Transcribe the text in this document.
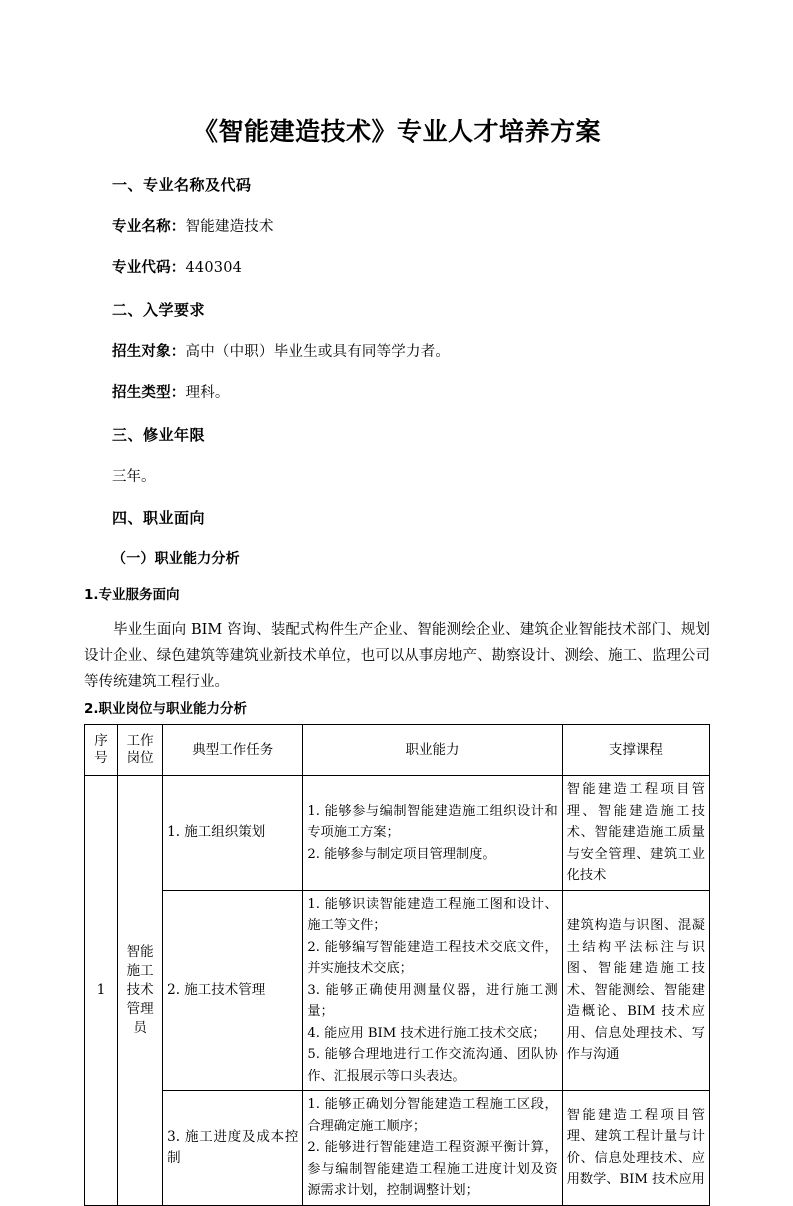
《智能建造技术》专业人才培养方案

一、专业名称及代码

专业名称：智能建造技术

专业代码：440304

二、入学要求

招生对象：高中（中职）毕业生或具有同等学力者。

招生类型：理科。

三、修业年限

三年。

四、职业面向

（一）职业能力分析

1.专业服务面向

毕业生面向 BIM 咨询、装配式构件生产企业、智能测绘企业、建筑企业智能技术部门、规划设计企业、绿色建筑等建筑业新技术单位，也可以从事房地产、勘察设计、测绘、施工、监理公司等传统建筑工程行业。

2.职业岗位与职业能力分析

序号	工作岗位	典型工作任务	职业能力	支撑课程
1	智能施工技术管理员	1. 施工组织策划	1. 能够参与编制智能建造施工组织设计和专项施工方案；
2. 能够参与制定项目管理制度。	智能建造工程项目管理、智能建造施工技术、智能建造施工质量与安全管理、建筑工业化技术
		2. 施工技术管理	1. 能够识读智能建造工程施工图和设计、施工等文件；
2. 能够编写智能建造工程技术交底文件，并实施技术交底；
3. 能够正确使用测量仪器，进行施工测量；
4. 能应用 BIM 技术进行施工技术交底；
5. 能够合理地进行工作交流沟通、团队协作、汇报展示等口头表达。	建筑构造与识图、混凝土结构平法标注与识图、智能建造施工技术、智能测绘、智能建造概论、BIM 技术应用、信息处理技术、写作与沟通
		3. 施工进度及成本控制	1. 能够正确划分智能建造工程施工区段，合理确定施工顺序；
2. 能够进行智能建造工程资源平衡计算，参与编制智能建造工程施工进度计划及资源需求计划，控制调整计划；	智能建造工程项目管理、建筑工程计量与计价、信息处理技术、应用数学、BIM 技术应用
